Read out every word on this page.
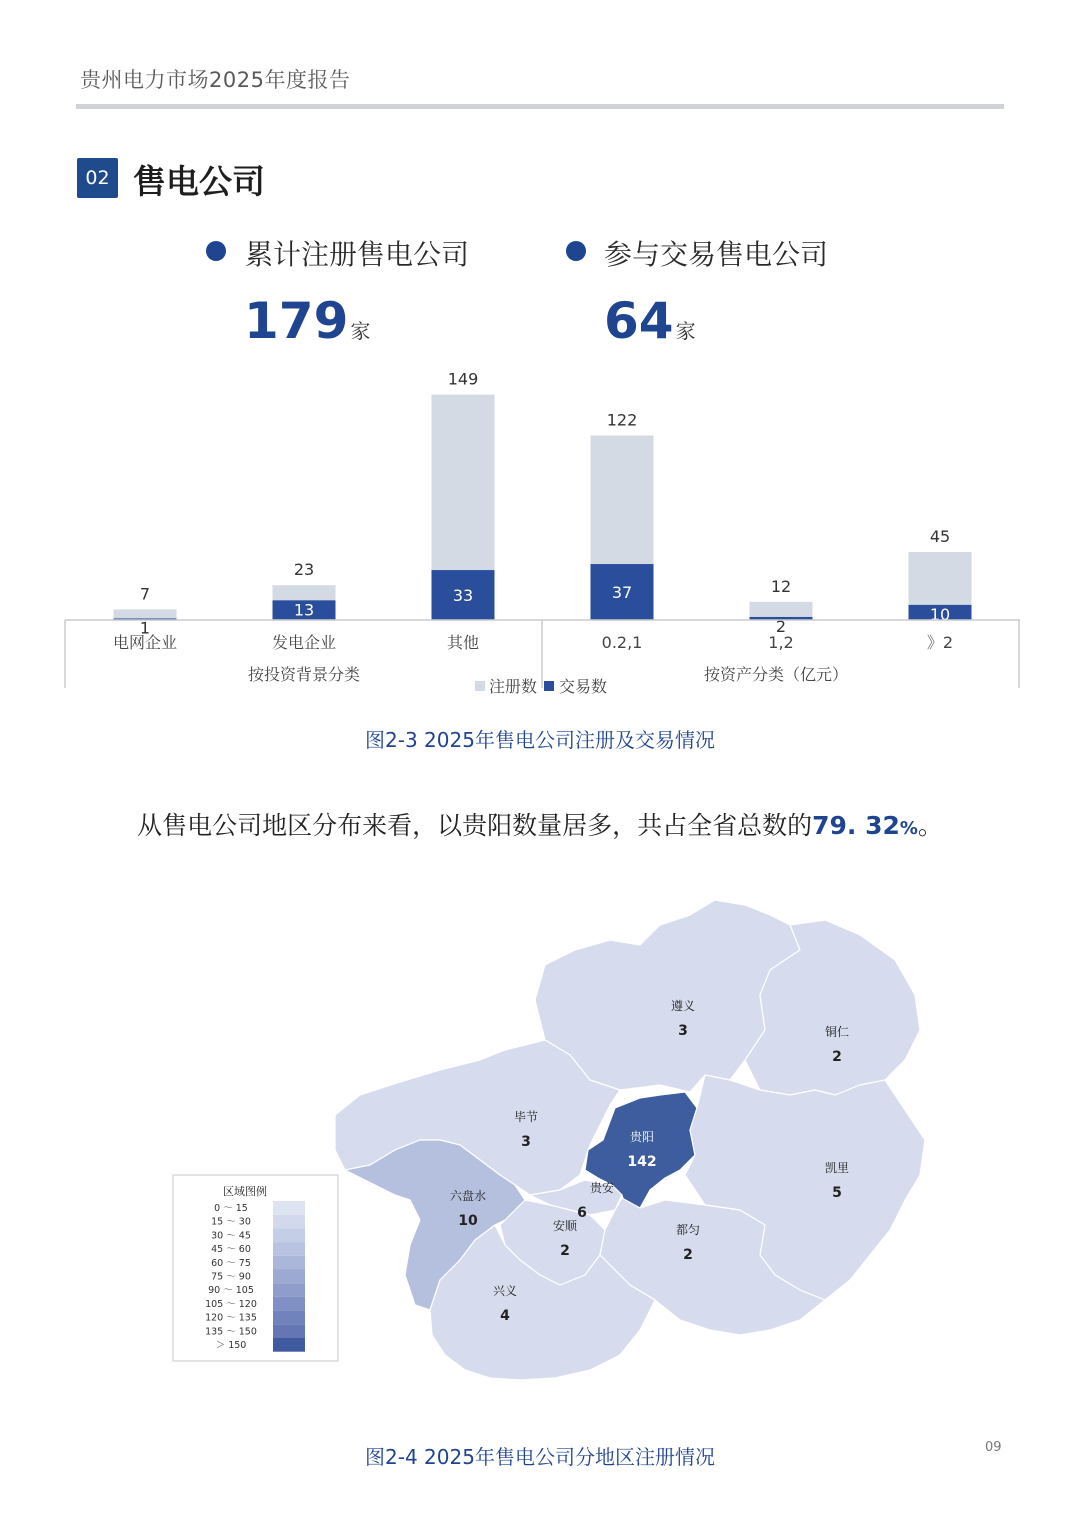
贵州电力市场2025年度报告
02 售电公司
累计注册售电公司
179 家
参与交易售电公司
64 家
7
1
电网企业
23
13
发电企业
149
33
其他
122
37
0.2,1
12
2
1,2
45
10
》2
按投资背景分类	按资产分类（亿元）
注册数 交易数
图2-3 2025年售电公司注册及交易情况
从售电公司地区分布来看，以贵阳数量居多，共占全省总数的79. 32%。
遵义
3	铜仁
2
毕节
3	贵阳
142	凯里
5
六盘水
10
贵安
6
安顺
2
都匀
2
兴义
4
区域图例
0 ～ 15
15 ～ 30
30 ～ 45
45 ～ 60
60 ～ 75
75 ～ 90
90 ～ 105
105 ～ 120
120 ～ 135
135 ～ 150
＞ 150
图2-4 2025年售电公司分地区注册情况	09
